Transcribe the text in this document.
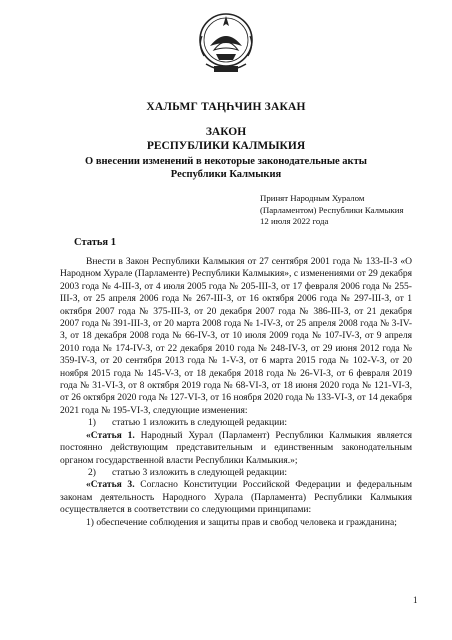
ХАЛЬМГ ТАҢҺЧИН ЗАКАН
ЗАКОН
РЕСПУБЛИКИ КАЛМЫКИЯ
О внесении изменений в некоторые законодательные акты
Республики Калмыкия
Принят Народным Хуралом
(Парламентом) Республики Калмыкия
12 июля 2022 года
Статья 1

Внести в Закон Республики Калмыкия от 27 сентября 2001 года № 133-II-З «О Народном Хурале (Парламенте) Республики Калмыкия», с изменениями от 29 декабря 2003 года № 4-III-З, от 4 июля 2005 года № 205-III-З, от 17 февраля 2006 года № 255-III-З, от 25 апреля 2006 года № 267-III-З, от 16 октября 2006 года № 297-III-З, от 1 октября 2007 года № 375-III-З, от 20 декабря 2007 года № 386-III-З, от 21 декабря 2007 года № 391-III-З, от 20 марта 2008 года № 1-IV-З, от 25 апреля 2008 года № 3-IV-З, от 18 декабря 2008 года № 66-IV-З, от 10 июля 2009 года № 107-IV-З, от 9 апреля 2010 года № 174-IV-З, от 22 декабря 2010 года № 248-IV-З, от 29 июня 2012 года № 359-IV-З, от 20 сентября 2013 года № 1-V-З, от 6 марта 2015 года № 102-V-З, от 20 ноября 2015 года № 145-V-З, от 18 декабря 2018 года № 26-VI-З, от 6 февраля 2019 года № 31-VI-З, от 8 октября 2019 года № 68-VI-З, от 18 июня 2020 года № 121-VI-З, от 26 октября 2020 года № 127-VI-З, от 16 ноября 2020 года № 133-VI-З, от 14 декабря 2021 года № 195-VI-З, следующие изменения:

1) статью 1 изложить в следующей редакции:

«Статья 1. Народный Хурал (Парламент) Республики Калмыкия является постоянно действующим представительным и единственным законодательным органом государственной власти Республики Калмыкия.»;

2) статью 3 изложить в следующей редакции:

«Статья 3. Согласно Конституции Российской Федерации и федеральным законам деятельность Народного Хурала (Парламента) Республики Калмыкия осуществляется в соответствии со следующими принципами:

1) обеспечение соблюдения и защиты прав и свобод человека и гражданина;

1
